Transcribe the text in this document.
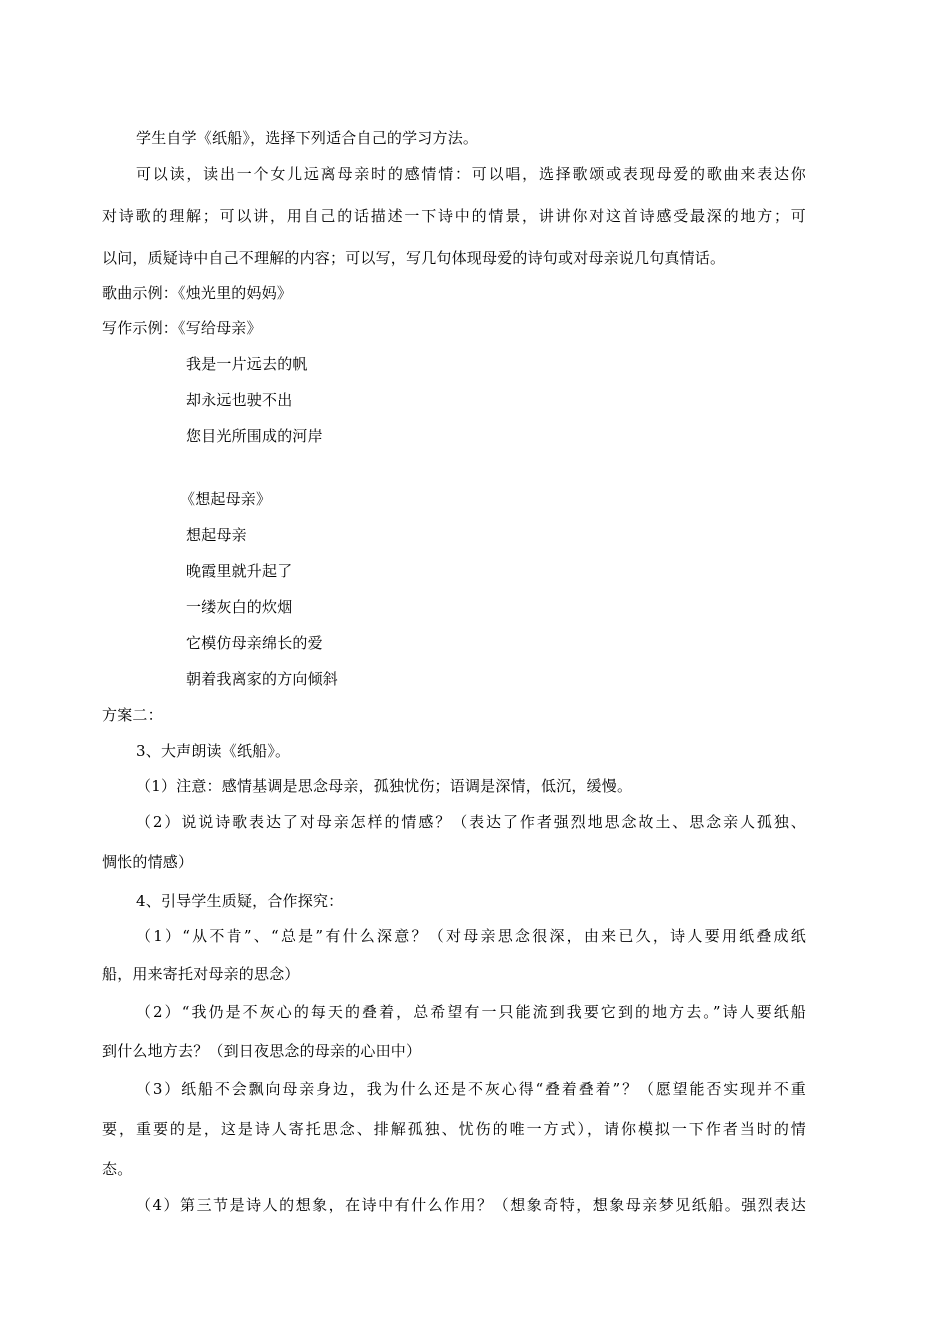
学生自学《纸船》，选择下列适合自己的学习方法。
可以读，读出一个女儿远离母亲时的感情情：可以唱，选择歌颂或表现母爱的歌曲来表达你
对诗歌的理解；可以讲，用自己的话描述一下诗中的情景，讲讲你对这首诗感受最深的地方；可
以问，质疑诗中自己不理解的内容；可以写，写几句体现母爱的诗句或对母亲说几句真情话。
歌曲示例：《烛光里的妈妈》
写作示例：《写给母亲》
我是一片远去的帆
却永远也驶不出
您目光所围成的河岸
《想起母亲》
想起母亲
晚霞里就升起了
一缕灰白的炊烟
它模仿母亲绵长的爱
朝着我离家的方向倾斜
方案二：
3、大声朗读《纸船》。
（1）注意：感情基调是思念母亲，孤独忧伤；语调是深情，低沉，缓慢。
（2）说说诗歌表达了对母亲怎样的情感？（表达了作者强烈地思念故土、思念亲人孤独、
惆怅的情感）
4、引导学生质疑，合作探究：
（1）“从不肯”、“总是”有什么深意？（对母亲思念很深，由来已久，诗人要用纸叠成纸
船，用来寄托对母亲的思念）
（2）“我仍是不灰心的每天的叠着，总希望有一只能流到我要它到的地方去。”诗人要纸船
到什么地方去？（到日夜思念的母亲的心田中）
（3）纸船不会飘向母亲身边，我为什么还是不灰心得“叠着叠着”？（愿望能否实现并不重
要，重要的是，这是诗人寄托思念、排解孤独、忧伤的唯一方式），请你模拟一下作者当时的情
态。
（4）第三节是诗人的想象，在诗中有什么作用？（想象奇特，想象母亲梦见纸船。强烈表达
